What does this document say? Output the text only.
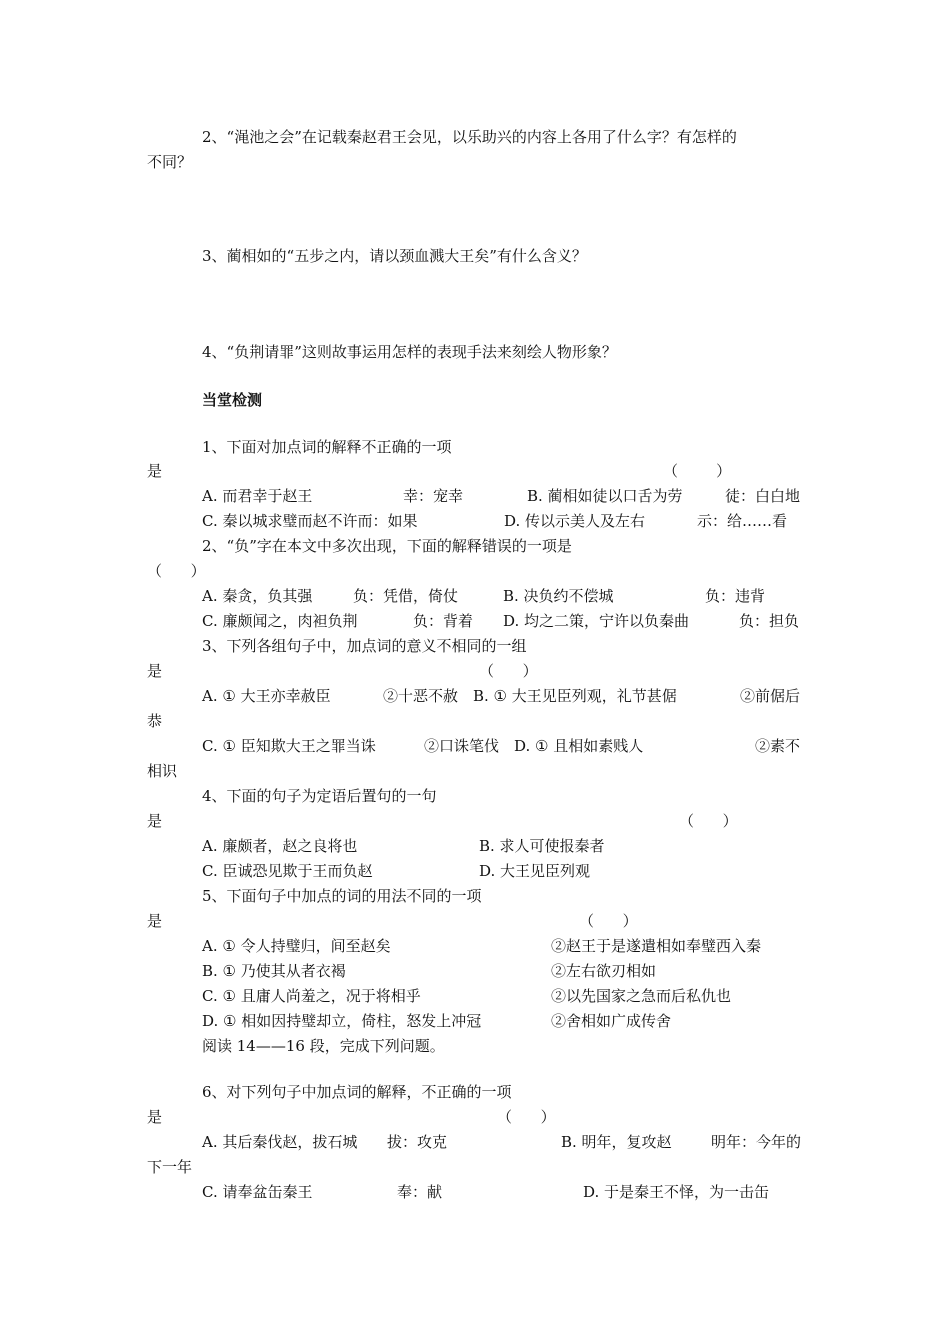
2、“渑池之会”在记载秦赵君王会见，以乐助兴的内容上各用了什么字？有怎样的
不同？
3、蔺相如的“五步之内，请以颈血溅大王矣”有什么含义？
4、“负荆请罪”这则故事运用怎样的表现手法来刻绘人物形象？
当堂检测
1、下面对加点词的解释不正确的一项
是	（        ）
A. 而君幸于赵王	幸：宠幸	B. 蔺相如徒以口舌为劳	徒：白白地
C. 秦以城求璧而赵不许而：如果	D. 传以示美人及左右	示：给……看
2、“负”字在本文中多次出现，下面的解释错误的一项是
（      ）
A. 秦贪，负其强	负：凭借，倚仗	B. 决负约不偿城	负：违背
C. 廉颇闻之，肉袒负荆	负：背着 D. 均之二策，宁许以负秦曲	负：担负
3、下列各组句子中，加点词的意义不相同的一组
是	（      ）
A. ① 大王亦幸赦臣	②十恶不赦 B. ① 大王见臣列观，礼节甚倨	②前倨后
恭
C. ① 臣知欺大王之罪当诛	②口诛笔伐 D. ① 且相如素贱人	②素不
相识
4、下面的句子为定语后置句的一句
是	（      ）
A. 廉颇者，赵之良将也	B. 求人可使报秦者
C. 臣诚恐见欺于王而负赵	D. 大王见臣列观
5、下面句子中加点的词的用法不同的一项
是	（      ）
A. ① 令人持璧归，间至赵矣	②赵王于是遂遣相如奉璧西入秦
B. ① 乃使其从者衣褐	②左右欲刃相如
C. ① 且庸人尚羞之，况于将相乎	②以先国家之急而后私仇也
D. ① 相如因持璧却立，倚柱，怒发上冲冠	②舍相如广成传舍
阅读 14——16 段，完成下列问题。
6、对下列句子中加点词的解释，不正确的一项
是	（      ）
A. 其后秦伐赵，拔石城 拔：攻克	B. 明年，复攻赵	明年：今年的
下一年
C. 请奉盆缶秦王	奉：献	D. 于是秦王不怿，为一击缶
